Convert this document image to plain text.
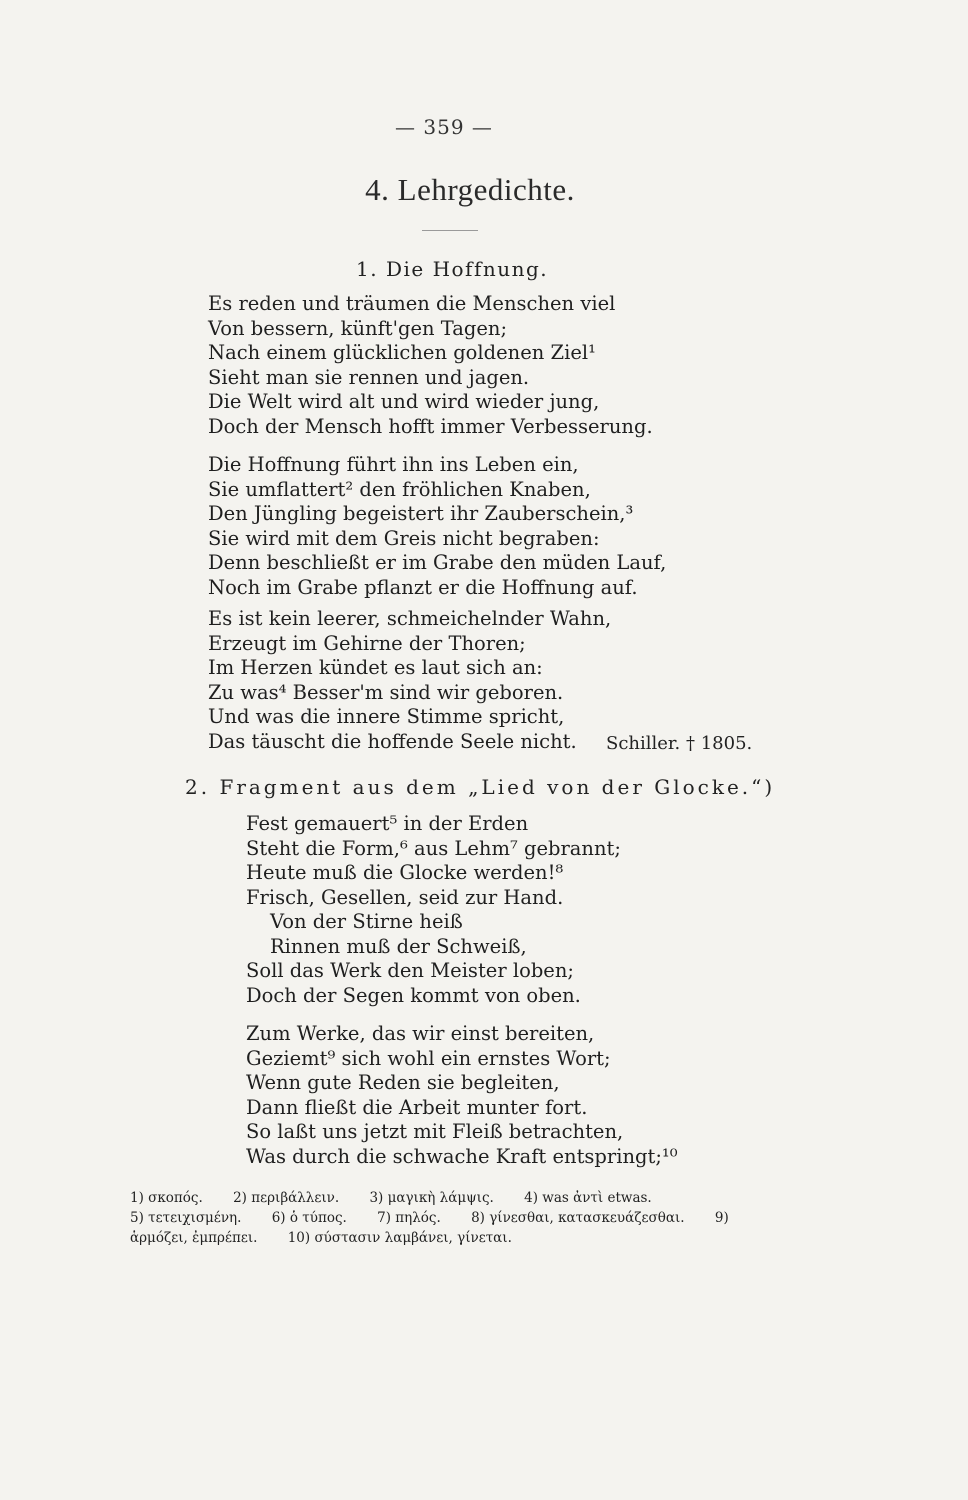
— 359 —
4. Lehrgedichte.
1. Die Hoffnung.
Es reden und träumen die Menschen viel
Von bessern, künft'gen Tagen;
Nach einem glücklichen goldenen Ziel¹
Sieht man sie rennen und jagen.
Die Welt wird alt und wird wieder jung,
Doch der Mensch hofft immer Verbesserung.
Die Hoffnung führt ihn ins Leben ein,
Sie umflattert² den fröhlichen Knaben,
Den Jüngling begeistert ihr Zauberschein,³
Sie wird mit dem Greis nicht begraben:
Denn beschließt er im Grabe den müden Lauf,
Noch im Grabe pflanzt er die Hoffnung auf.
Es ist kein leerer, schmeichelnder Wahn,
Erzeugt im Gehirne der Thoren;
Im Herzen kündet es laut sich an:
Zu was⁴ Besser'm sind wir geboren.
Und was die innere Stimme spricht,
Das täuscht die hoffende Seele nicht.	Schiller. † 1805.
2. Fragment aus dem „Lied von der Glocke.“)
Fest gemauert⁵ in der Erden
Steht die Form,⁶ aus Lehm⁷ gebrannt;
Heute muß die Glocke werden!⁸
Frisch, Gesellen, seid zur Hand.
Von der Stirne heiß
Rinnen muß der Schweiß,
Soll das Werk den Meister loben;
Doch der Segen kommt von oben.
Zum Werke, das wir einst bereiten,
Geziemt⁹ sich wohl ein ernstes Wort;
Wenn gute Reden sie begleiten,
Dann fließt die Arbeit munter fort.
So laßt uns jetzt mit Fleiß betrachten,
Was durch die schwache Kraft entspringt;¹⁰
1) σκοπός. 2) περιβάλλειν. 3) μαγικὴ λάμψις. 4) was ἀντὶ etwas.
5) τετειχισμένη. 6) ὁ τύπος. 7) πηλός. 8) γίνεσθαι, κατασκευάζεσθαι. 9)
ἁρμόζει, ἐμπρέπει. 10) σύστασιν λαμβάνει, γίνεται.
